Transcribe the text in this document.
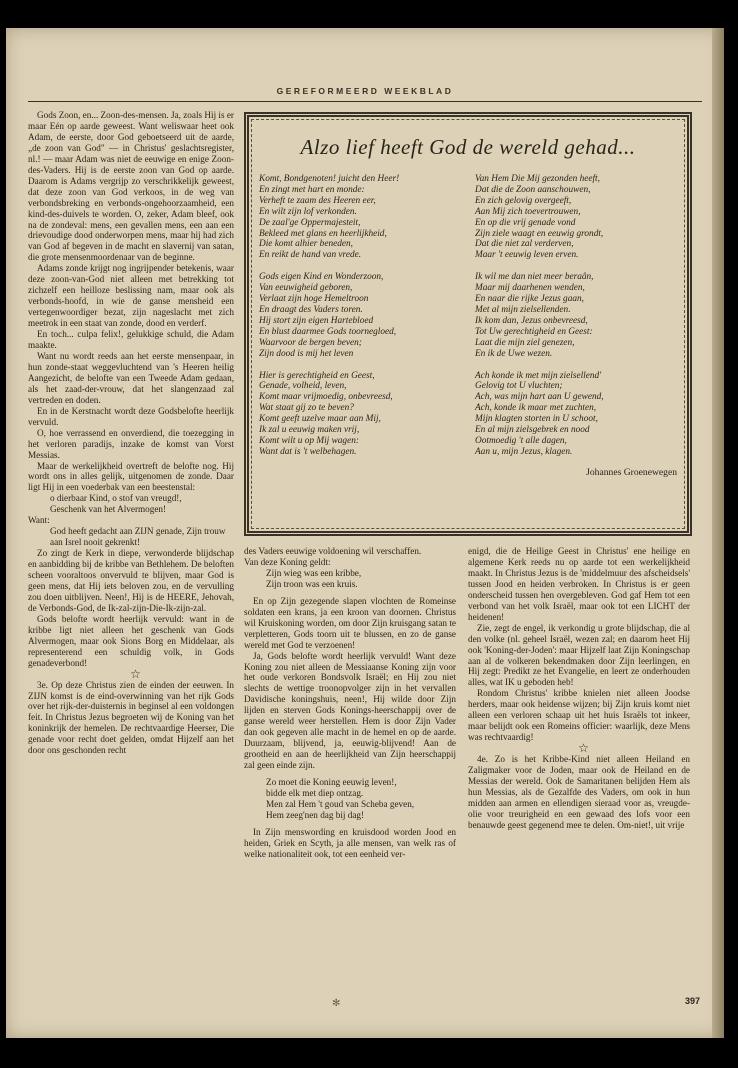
GEREFORMEERD WEEKBLAD

Gods Zoon, en... Zoon-des-mensen. Ja, zoals Hij is er maar Eén op aarde geweest. Want weliswaar heet ook Adam, de eerste, door God geboetseerd uit de aarde, „de zoon van God" — in Christus' geslachtsregister, nl.! — maar Adam was niet de eeuwige en enige Zoon-des-Vaders. Hij is de eerste zoon van God op aarde. Daarom is Adams vergrijp zo verschrikkelijk geweest, dat deze zoon van God verkoos, in de weg van verbondsbreking en verbonds-ongehoorzaamheid, een kind-des-duivels te worden. O, zeker, Adam bleef, ook na de zondeval: mens, een gevallen mens, een aan een drievoudige dood onderworpen mens, maar hij had zich van God af begeven in de macht en slavernij van satan, die grote mensenmoordenaar van de beginne.

Adams zonde krijgt nog ingrijpender betekenis, waar deze zoon-van-God niet alleen met betrekking tot zichzelf een heilloze beslissing nam, maar ook als verbonds-hoofd, in wie de ganse mensheid een vertegenwoordiger bezat, zijn nageslacht met zich meetrok in een staat van zonde, dood en verderf.

En toch... culpa felix!, gelukkige schuld, die Adam maakte.

Want nu wordt reeds aan het eerste mensenpaar, in hun zonde-staat weggevluchtend van 's Heeren heilig Aangezicht, de belofte van een Tweede Adam gedaan, als het zaad-der-vrouw, dat het slangenzaad zal vertreden en doden.

En in de Kerstnacht wordt deze Godsbelofte heerlijk vervuld.

O, hoe verrassend en onverdiend, die toezegging in het verloren paradijs, inzake de komst van Vorst Messias.

Maar de werkelijkheid overtreft de belofte nog. Hij wordt ons in alles gelijk, uitgenomen de zonde. Daar ligt Hij in een voederbak van een beestenstal:

o dierbaar Kind, o stof van vreugd!,

Geschenk van het Alvermogen!

Want:

God heeft gedacht aan ZIJN genade, Zijn trouw aan Isrel nooit gekrenkt!

Zo zingt de Kerk in diepe, verwonderde blijdschap en aanbidding bij de kribbe van Bethlehem. De beloften scheen vooraltoos onvervuld te blijven, maar God is geen mens, dat Hij iets beloven zou, en de vervulling zou doen uitblijven. Neen!, Hij is de HEERE, Jehovah, de Verbonds-God, de Ik-zal-zijn-Die-Ik-zijn-zal.

Gods belofte wordt heerlijk vervuld: want in de kribbe ligt niet alleen het geschenk van Gods Alvermogen, maar ook Sions Borg en Middelaar, als representerend een schuldig volk, in Gods genadeverbond!

☆

3e. Op deze Christus zien de einden der eeuwen. In ZIJN komst is de eind-overwinning van het rijk Gods over het rijk-der-duisternis in beginsel al een voldongen feit. In Christus Jezus begroeten wij de Koning van het koninkrijk der hemelen. De rechtvaardige Heerser, Die genade voor recht doet gelden, omdat Hijzelf aan het door ons geschonden recht

Alzo lief heeft God de wereld gehad...
Komt, Bondgenoten! juicht den Heer!
En zingt met hart en monde:
Verheft te zaam des Heeren eer,
En wilt zijn lof verkonden.
De zaal'ge Oppermajesteit,
Bekleed met glans en heerlijkheid,
Die komt alhier beneden,
En reikt de hand van vrede.
Gods eigen Kind en Wonderzoon,
Van eeuwigheid geboren,
Verlaat zijn hoge Hemeltroon
En draagt des Vaders toren.
Hij stort zijn eigen Hartebloed
En blust daarmee Gods toornegloed,
Waarvoor de bergen beven;
Zijn dood is mij het leven
Hier is gerechtigheid en Geest,
Genade, volheid, leven,
Komt maar vrijmoedig, onbevreesd,
Wat staat gij zo te beven?
Komt geeft uzelve maar aan Mij,
Ik zal u eeuwig maken vrij,
Komt wilt u op Mij wagen:
Want dat is 't welbehagen.
Van Hem Die Mij gezonden heeft,
Dat die de Zoon aanschouwen,
En zich gelovig overgeeft,
Aan Mij zich toevertrouwen,
En op die vrij genade vond
Zijn ziele waagt en eeuwig grondt,
Dat die niet zal verderven,
Maar 't eeuwig leven erven.
Ik wil me dan niet meer beraân,
Maar mij daarhenen wenden,
En naar die rijke Jezus gaan,
Met al mijn zielsellenden.
Ik kom dan, Jezus onbevreesd,
Tot Uw gerechtigheid en Geest:
Laat die mijn ziel genezen,
En ik de Uwe wezen.
Ach konde ik met mijn zielsellend'
Gelovig tot U vluchten;
Ach, was mijn hart aan U gewend,
Ach, konde ik maar met zuchten,
Mijn klagten storten in U schoot,
En al mijn zielsgebrek en nood
Ootmoedig 't alle dagen,
Aan u, mijn Jezus, klagen.
Johannes Groenewegen

des Vaders eeuwige voldoening wil verschaffen.

Van deze Koning geldt:

Zijn wieg was een kribbe,

Zijn troon was een kruis.

En op Zijn gezegende slapen vlochten de Romeinse soldaten een krans, ja een kroon van doornen. Christus wil Kruiskoning worden, om door Zijn kruisgang satan te verpletteren, Gods toorn uit te blussen, en zo de ganse wereld met God te verzoenen!

Ja, Gods belofte wordt heerlijk vervuld! Want deze Koning zou niet alleen de Messiaanse Koning zijn voor het oude verkoren Bondsvolk Israël; en Hij zou niet slechts de wettige troonopvolger zijn in het vervallen Davidische koningshuis, neen!, Hij wilde door Zijn lijden en sterven Gods Konings-heerschappij over de ganse wereld weer herstellen. Hem is door Zijn Vader dan ook gegeven alle macht in de hemel en op de aarde. Duurzaam, blijvend, ja, eeuwig-blijvend! Aan de grootheid en aan de heerlijkheid van Zijn heerschappij zal geen einde zijn.

Zo moet die Koning eeuwig leven!,

bidde elk met diep ontzag.

Men zal Hem 't goud van Scheba geven,

Hem zeeg'nen dag bij dag!

In Zijn menswording en kruisdood worden Jood en heiden, Griek en Scyth, ja alle mensen, van welk ras of welke nationaliteit ook, tot een eenheid ver-

enigd, die de Heilige Geest in Christus' ene heilige en algemene Kerk reeds nu op aarde tot een werkelijkheid maakt. In Christus Jezus is de 'middelmuur des afscheidsels' tussen Jood en heiden verbroken. In Christus is er geen onderscheid tussen hen overgebleven. God gaf Hem tot een verbond van het volk Israël, maar ook tot een LICHT der heidenen!

Zie, zegt de engel, ik verkondig u grote blijdschap, die al den volke (nl. geheel Israël, wezen zal; en daarom heet Hij ook 'Koning-der-Joden': maar Hijzelf laat Zijn Koningschap aan al de volkeren bekendmaken door Zijn leerlingen, en Hij zegt: Predikt ze het Evangelie, en leert ze onderhouden alles, wat IK u geboden heb!

Rondom Christus' kribbe knielen niet alleen Joodse herders, maar ook heidense wijzen; bij Zijn kruis komt niet alleen een verloren schaap uit het huis Israëls tot inkeer, maar belijdt ook een Romeins officier: waarlijk, deze Mens was rechtvaardig!

☆

4e. Zo is het Kribbe-Kind niet alleen Heiland en Zaligmaker voor de Joden, maar ook de Heiland en de Messias der wereld. Ook de Samaritanen belijden Hem als hun Messias, als de Gezalfde des Vaders, om ook in hun midden aan armen en ellendigen sieraad voor as, vreugde-olie voor treurigheid en een gewaad des lofs voor een benauwde geest gegenend mee te delen. Om-niet!, uit vrije

✻	397
